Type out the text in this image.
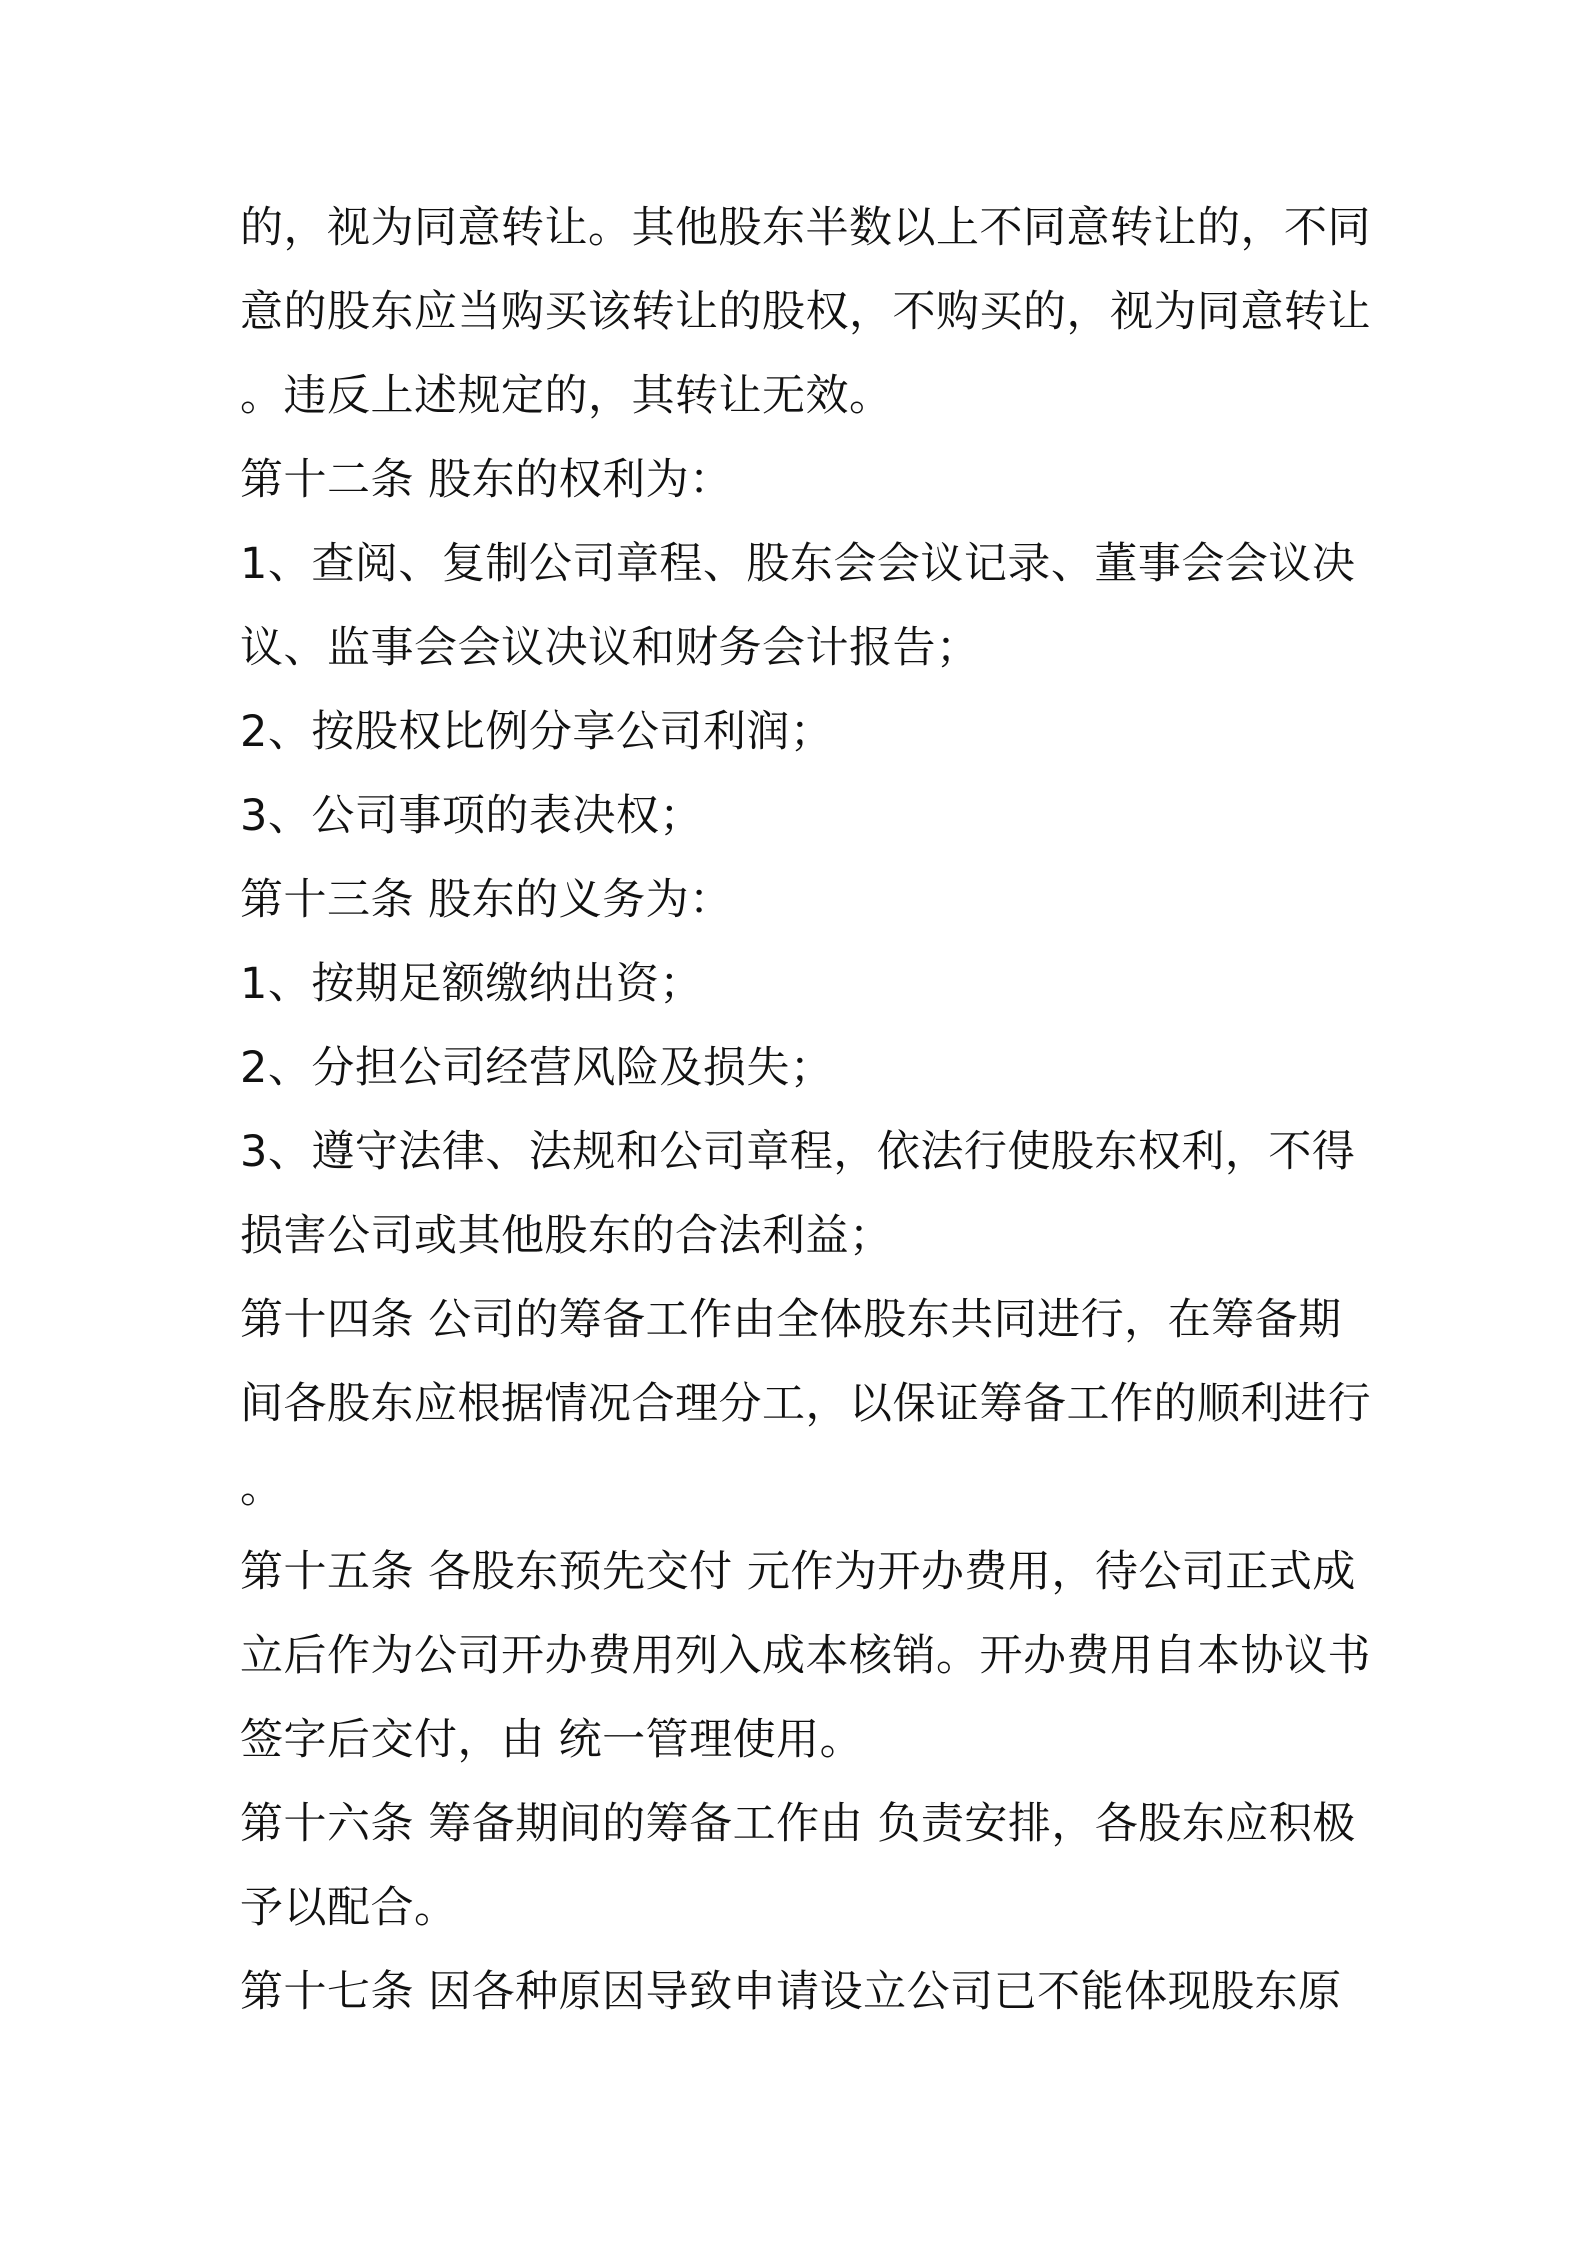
的，视为同意转让。其他股东半数以上不同意转让的，不同
意的股东应当购买该转让的股权，不购买的，视为同意转让
。违反上述规定的，其转让无效。
第十二条 股东的权利为：
1、查阅、复制公司章程、股东会会议记录、董事会会议决
议、监事会会议决议和财务会计报告；
2、按股权比例分享公司利润；
3、公司事项的表决权；
第十三条 股东的义务为：
1、按期足额缴纳出资；
2、分担公司经营风险及损失；
3、遵守法律、法规和公司章程，依法行使股东权利，不得
损害公司或其他股东的合法利益；
第十四条 公司的筹备工作由全体股东共同进行，在筹备期
间各股东应根据情况合理分工，以保证筹备工作的顺利进行
。
第十五条 各股东预先交付 元作为开办费用，待公司正式成
立后作为公司开办费用列入成本核销。开办费用自本协议书
签字后交付，由 统一管理使用。
第十六条 筹备期间的筹备工作由 负责安排，各股东应积极
予以配合。
第十七条 因各种原因导致申请设立公司已不能体现股东原
